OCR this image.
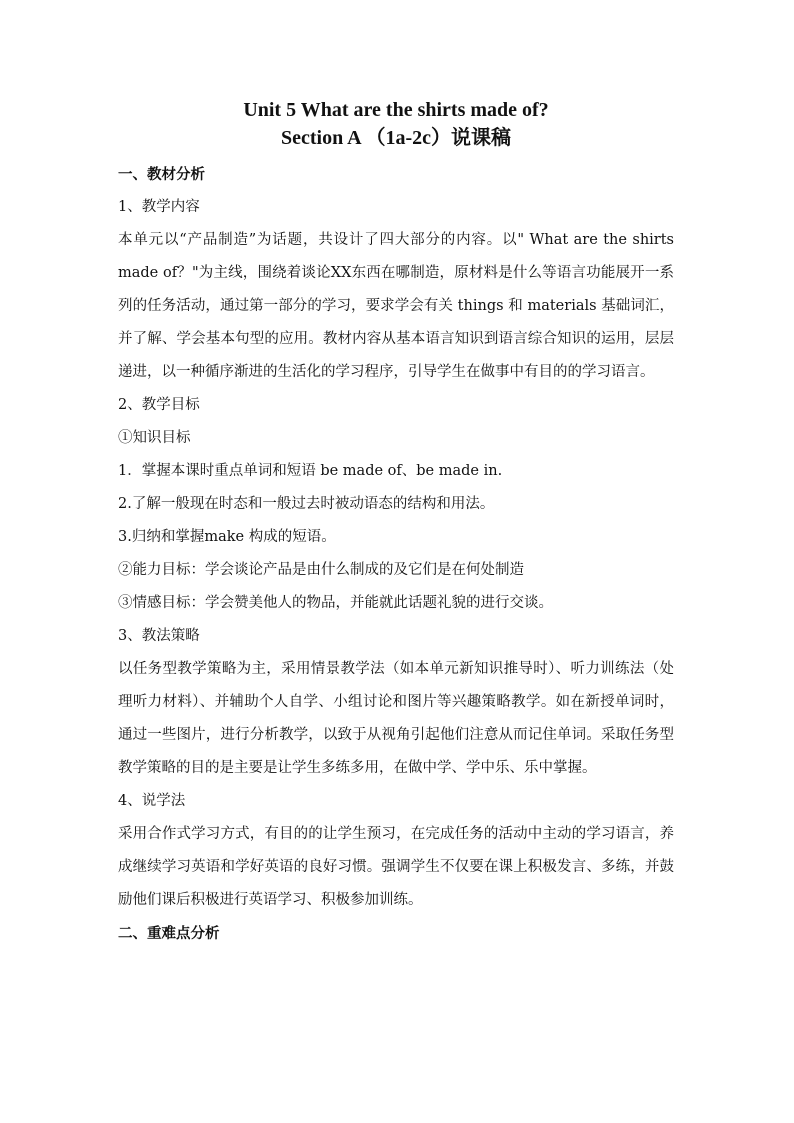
Unit 5 What are the shirts made of?
Section A （1a-2c）说课稿

一、教材分析

1、教学内容

本单元以“产品制造”为话题，共设计了四大部分的内容。以" What are the shirts made of？"为主线，围绕着谈论XX东西在哪制造，原材料是什么等语言功能展开一系列的任务活动，通过第一部分的学习，要求学会有关 things 和 materials 基础词汇，并了解、学会基本句型的应用。教材内容从基本语言知识到语言综合知识的运用，层层递进，以一种循序渐进的生活化的学习程序，引导学生在做事中有目的的学习语言。

2、教学目标

①知识目标

1．掌握本课时重点单词和短语 be made of、be made in.

2.了解一般现在时态和一般过去时被动语态的结构和用法。

3.归纳和掌握make 构成的短语。

②能力目标：学会谈论产品是由什么制成的及它们是在何处制造

③情感目标：学会赞美他人的物品，并能就此话题礼貌的进行交谈。

3、教法策略

以任务型教学策略为主，采用情景教学法（如本单元新知识推导时）、听力训练法（处理听力材料）、并辅助个人自学、小组讨论和图片等兴趣策略教学。如在新授单词时，通过一些图片，进行分析教学，以致于从视角引起他们注意从而记住单词。采取任务型教学策略的目的是主要是让学生多练多用，在做中学、学中乐、乐中掌握。

4、说学法

采用合作式学习方式，有目的的让学生预习，在完成任务的活动中主动的学习语言，养成继续学习英语和学好英语的良好习惯。强调学生不仅要在课上积极发言、多练，并鼓励他们课后积极进行英语学习、积极参加训练。

二、重难点分析
